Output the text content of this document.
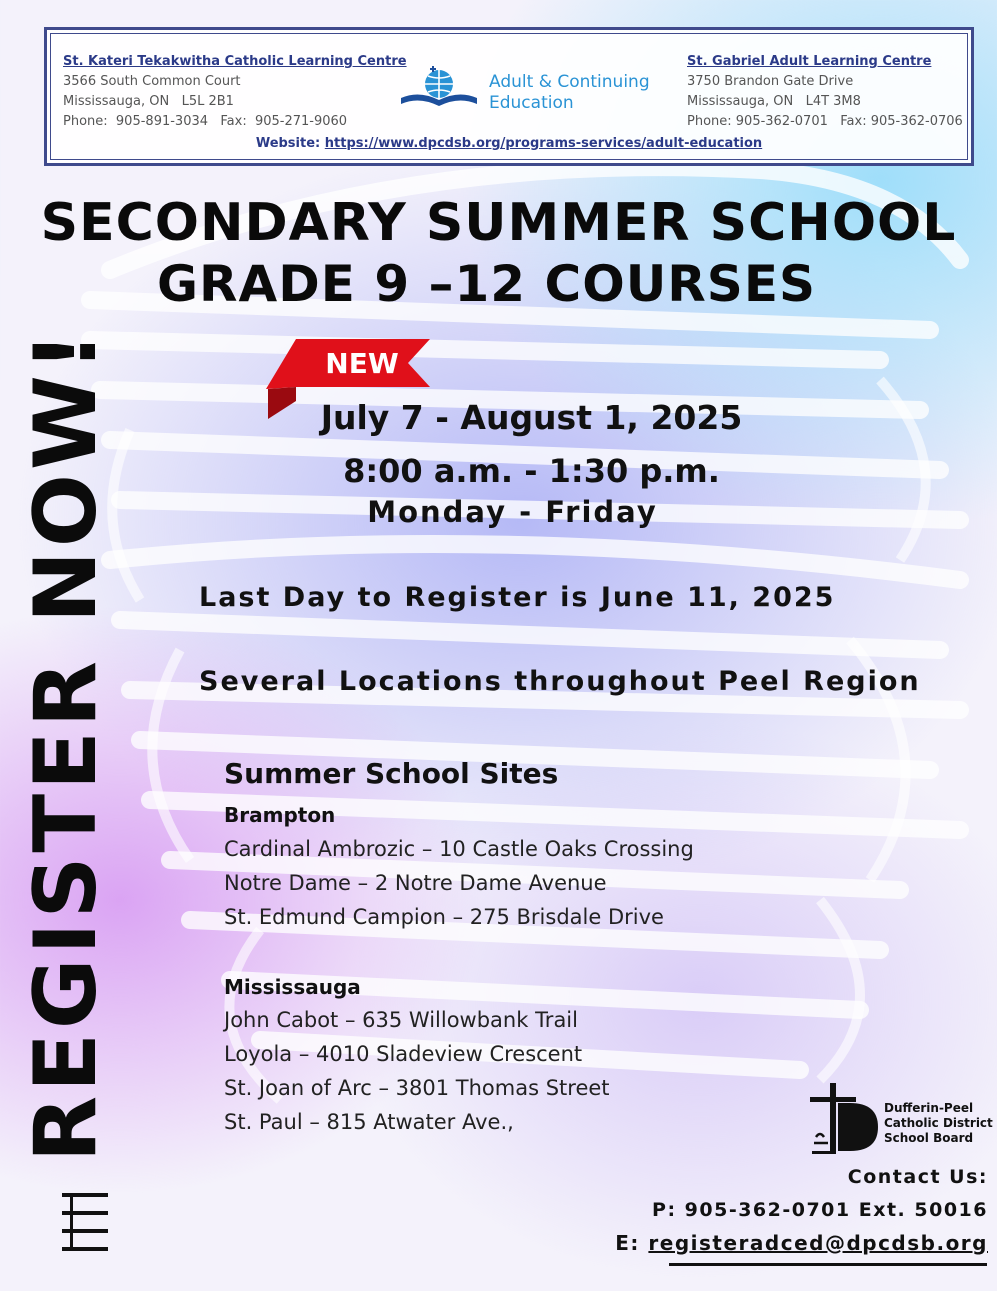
St. Kateri Tekakwitha Catholic Learning Centre
3566 South Common Court
Mississauga, ON   L5L 2B1
Phone:  905-891-3034   Fax:  905-271-9060
Adult & Continuing
Education
St. Gabriel Adult Learning Centre
3750 Brandon Gate Drive
Mississauga, ON   L4T 3M8
Phone: 905-362-0701   Fax: 905-362-0706
Website: https://www.dpcdsb.org/programs-services/adult-education
SECONDARY SUMMER SCHOOL
GRADE 9 –12 COURSES
NEW
July 7 - August 1, 2025
8:00 a.m. - 1:30 p.m.
Monday - Friday
Last Day to Register is June 11, 2025
Several Locations throughout Peel Region
Summer School Sites
Brampton
Cardinal Ambrozic – 10 Castle Oaks Crossing
Notre Dame – 2 Notre Dame Avenue
St. Edmund Campion – 275 Brisdale Drive
Mississauga
John Cabot – 635 Willowbank Trail
Loyola – 4010 Sladeview Crescent
St. Joan of Arc – 3801 Thomas Street
St. Paul – 815 Atwater Ave.,
REGISTER NOW!	Dufferin-Peel
Catholic District
School Board
Contact Us:
P: 905-362-0701 Ext. 50016
E: registeradced@dpcdsb.org
